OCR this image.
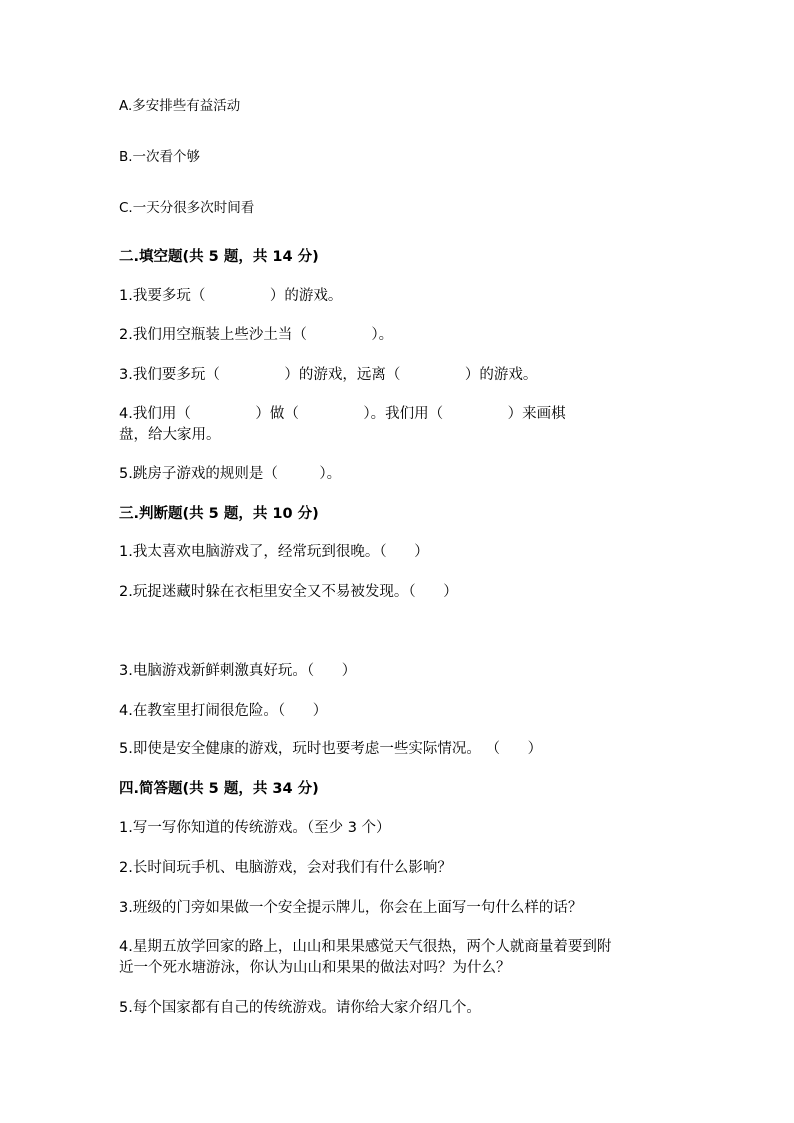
A.多安排些有益活动
B.一次看个够
C.一天分很多次时间看
二.填空题(共 5 题，共 14 分)
1.我要多玩（              ）的游戏。
2.我们用空瓶装上些沙土当（              ）。
3.我们要多玩（              ）的游戏，远离（              ）的游戏。
4.我们用（              ）做（              ）。我们用（              ）来画棋
盘，给大家用。
5.跳房子游戏的规则是（         ）。
三.判断题(共 5 题，共 10 分)
1.我太喜欢电脑游戏了，经常玩到很晚。（      ）
2.玩捉迷藏时躲在衣柜里安全又不易被发现。（      ）
3.电脑游戏新鲜刺激真好玩。（      ）
4.在教室里打闹很危险。（      ）
5.即使是安全健康的游戏，玩时也要考虑一些实际情况。 （      ）
四.简答题(共 5 题，共 34 分)
1.写一写你知道的传统游戏。（至少 3 个）
2.长时间玩手机、电脑游戏，会对我们有什么影响？
3.班级的门旁如果做一个安全提示牌儿，你会在上面写一句什么样的话？
4.星期五放学回家的路上，山山和果果感觉天气很热，两个人就商量着要到附
近一个死水塘游泳，你认为山山和果果的做法对吗？为什么？
5.每个国家都有自己的传统游戏。请你给大家介绍几个。
